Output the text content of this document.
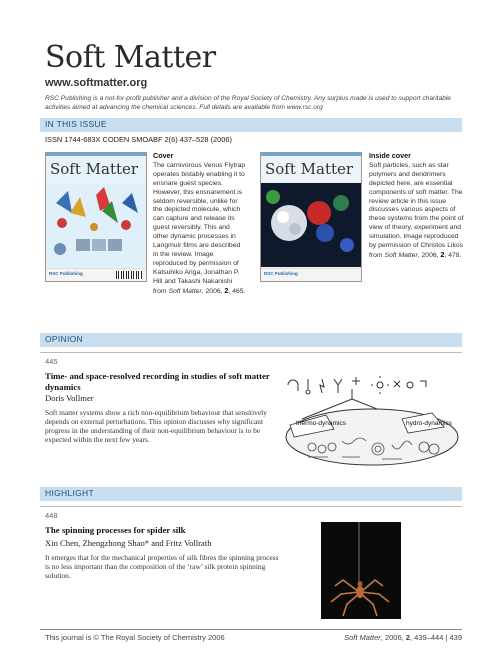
Soft Matter
www.softmatter.org
RSC Publishing is a not-for-profit publisher and a division of the Royal Society of Chemistry. Any surplus made is used to support charitable activities aimed at advancing the chemical sciences. Full details are available from www.rsc.org
IN THIS ISSUE
ISSN 1744-683X CODEN SMOABF 2(6) 437–528 (2006)
Soft Matter
RSC Publishing
Cover
The carnivorous Venus Flytrap operates bistably enabling it to ensnare guest species. However, this ensnarement is seldom reversible, unlike for the depicted molecule, which can capture and release its guest reversibly. This and other dynamic processes in Langmuir films are described in the review. Image reproduced by permission of Katsuhiko Ariga, Jonathan P. Hill and Takashi Nakanishi from Soft Matter, 2006, 2, 465.
Soft Matter
RSC Publishing
Inside cover
Soft particles, such as star polymers and dendrimers depicted here, are essential components of soft matter. The review article in this issue discusses various aspects of these systems from the point of view of theory, experiment and simulation. Image reproduced by permission of Christos Likos from Soft Matter, 2006, 2, 478.
OPINION
445
Time- and space-resolved recording in studies of soft matter dynamics
Doris Vollmer
Soft matter systems show a rich non-equilibrium behaviour that sensitively depends on external perturbations. This opinion discusses why significant progress in the understanding of their non-equilibrium behaviour is to be expected within the next few years.
thermo-dynamics	hydro-dynamics
HIGHLIGHT
448
The spinning processes for spider silk
Xin Chen, Zhengzhong Shao* and Fritz Vollrath
It emerges that for the mechanical properties of silk fibres the spinning process is no less important than the composition of the ‘raw’ silk protein spinning solution.
This journal is © The Royal Society of Chemistry 2006	Soft Matter, 2006, 2, 439–444 | 439
